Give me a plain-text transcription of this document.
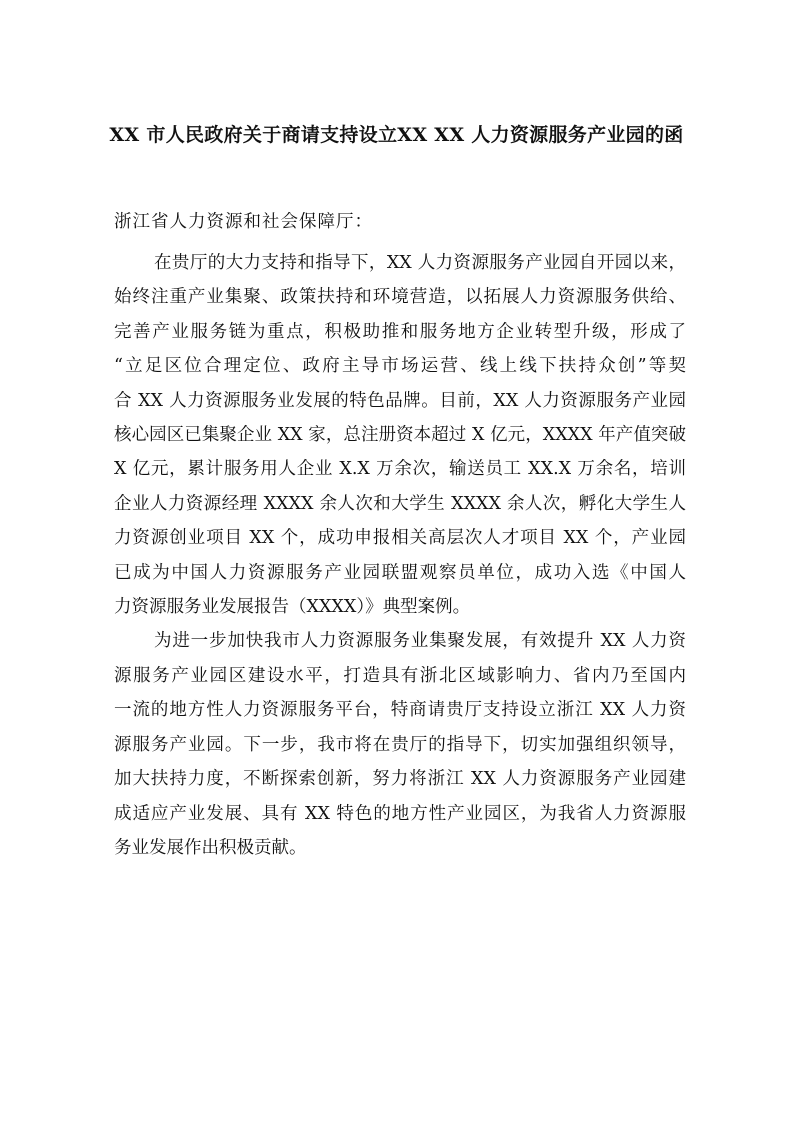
XX 市人民政府关于商请支持设立XX XX 人力资源服务产业园的函
浙江省人力资源和社会保障厅：

在贵厅的大力支持和指导下，XX 人力资源服务产业园自开园以来，
始终注重产业集聚、政策扶持和环境营造，以拓展人力资源服务供给、
完善产业服务链为重点，积极助推和服务地方企业转型升级，形成了
“立足区位合理定位、政府主导市场运营、线上线下扶持众创”等契
合 XX 人力资源服务业发展的特色品牌。目前，XX 人力资源服务产业园
核心园区已集聚企业 XX 家，总注册资本超过 X 亿元，XXXX 年产值突破
X 亿元，累计服务用人企业 X.X 万余次，输送员工 XX.X 万余名，培训
企业人力资源经理 XXXX 余人次和大学生 XXXX 余人次，孵化大学生人
力资源创业项目 XX 个，成功申报相关高层次人才项目 XX 个，产业园
已成为中国人力资源服务产业园联盟观察员单位，成功入选《中国人
力资源服务业发展报告（XXXX）》典型案例。

为进一步加快我市人力资源服务业集聚发展，有效提升 XX 人力资
源服务产业园区建设水平，打造具有浙北区域影响力、省内乃至国内
一流的地方性人力资源服务平台，特商请贵厅支持设立浙江 XX 人力资
源服务产业园。下一步，我市将在贵厅的指导下，切实加强组织领导，
加大扶持力度，不断探索创新，努力将浙江 XX 人力资源服务产业园建
成适应产业发展、具有 XX 特色的地方性产业园区，为我省人力资源服
务业发展作出积极贡献。
